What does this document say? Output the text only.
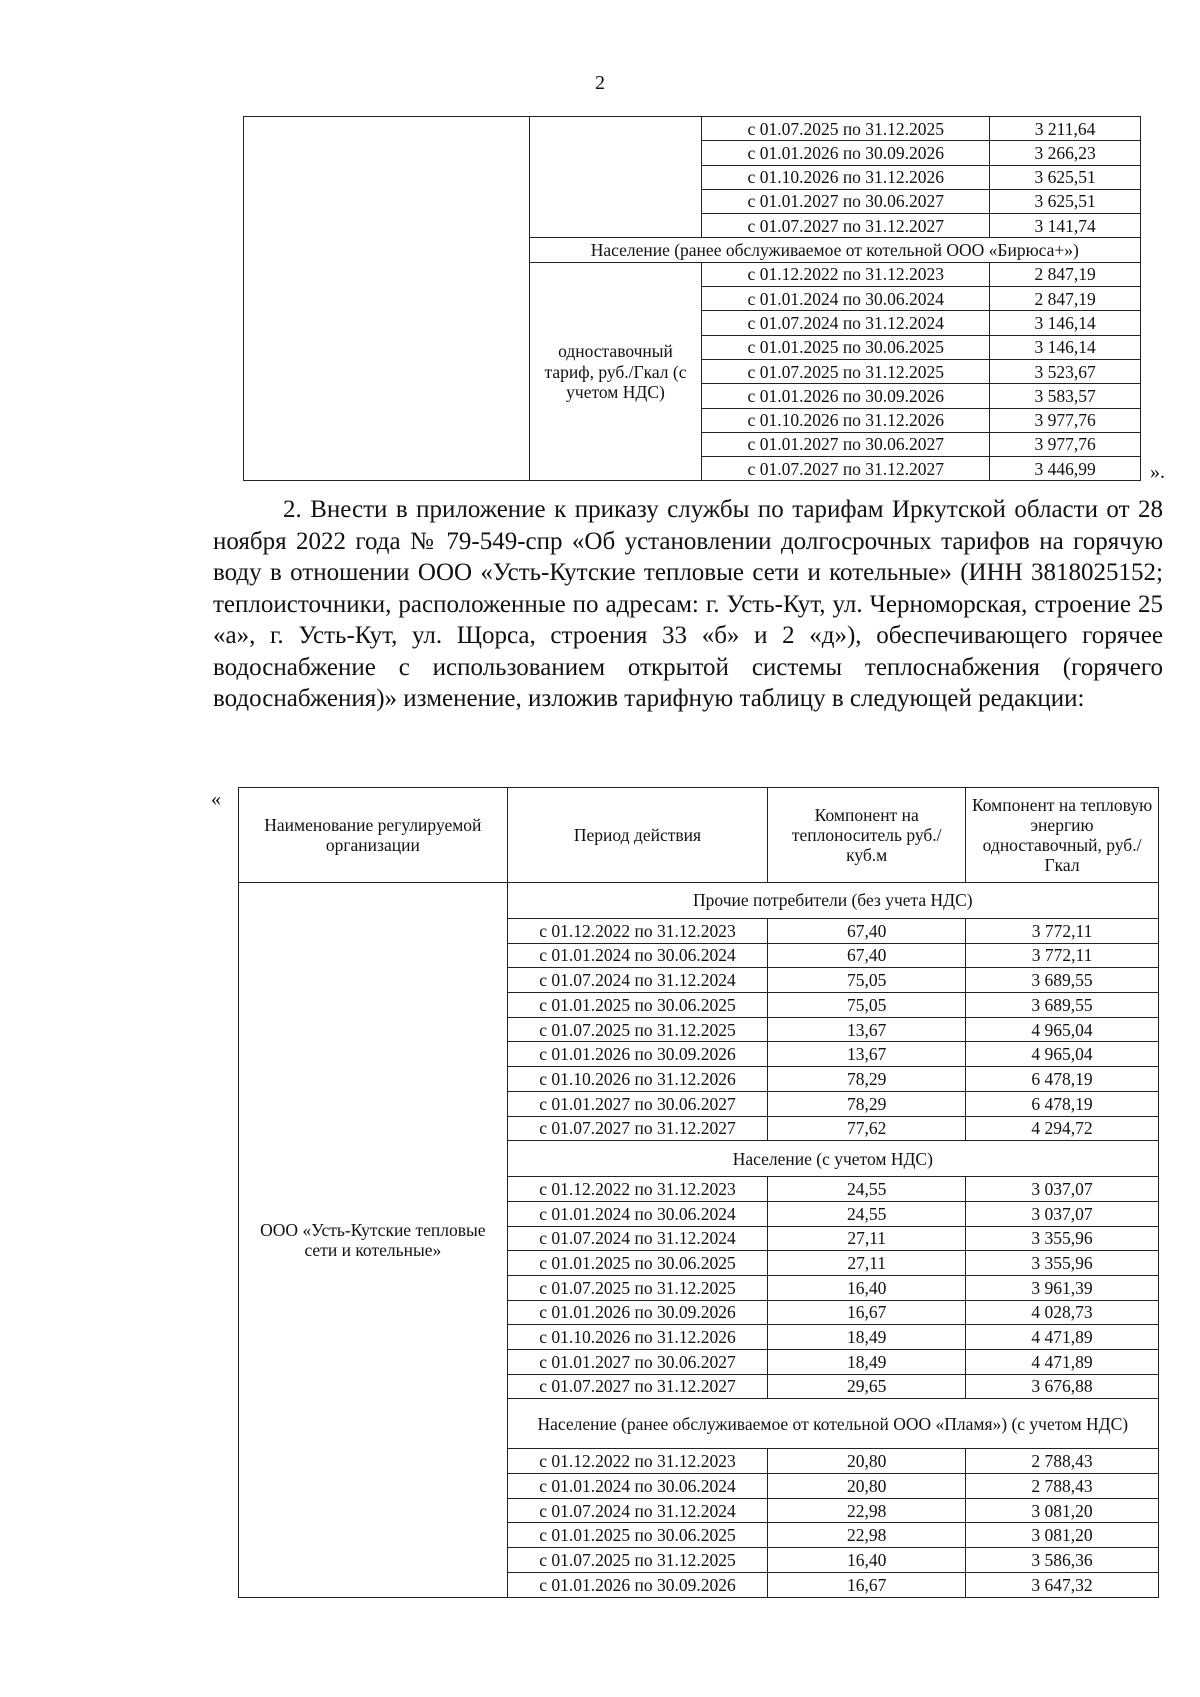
2
		с 01.07.2025 по 31.12.2025	3 211,64
		с 01.01.2026 по 30.09.2026	3 266,23
		с 01.10.2026 по 31.12.2026	3 625,51
		с 01.01.2027 по 30.06.2027	3 625,51
		с 01.07.2027 по 31.12.2027	3 141,74
	Население (ранее обслуживаемое от котельной ООО «Бирюса+»)		
	одноставочный тариф, руб./Гкал (с учетом НДС)	с 01.12.2022 по 31.12.2023	2 847,19
		с 01.01.2024 по 30.06.2024	2 847,19
		с 01.07.2024 по 31.12.2024	3 146,14
		с 01.01.2025 по 30.06.2025	3 146,14
		с 01.07.2025 по 31.12.2025	3 523,67
		с 01.01.2026 по 30.09.2026	3 583,57
		с 01.10.2026 по 31.12.2026	3 977,76
		с 01.01.2027 по 30.06.2027	3 977,76
		с 01.07.2027 по 31.12.2027	3 446,99	».

2. Внести в приложение к приказу службы по тарифам Иркутской области от 28 ноября 2022 года № 79-549-спр «Об установлении долгосрочных тарифов на горячую воду в отношении ООО «Усть-Кутские тепловые сети и котельные» (ИНН 3818025152; теплоисточники, расположенные по адресам: г. Усть-Кут, ул. Черноморская, строение 25 «а», г. Усть-Кут, ул. Щорса, строения 33 «б» и 2 «д»), обеспечивающего горячее водоснабжение с использованием открытой системы теплоснабжения (горячего водоснабжения)» изменение, изложив тарифную таблицу в следующей редакции:

«
Наименование регулируемой организации	Период действия	Компонент на теплоноситель руб./куб.м	Компонент на тепловую энергию одноставочный, руб./Гкал
ООО «Усть-Кутские тепловые сети и котельные»	Прочие потребители (без учета НДС)		
	с 01.12.2022 по 31.12.2023	67,40	3 772,11
	с 01.01.2024 по 30.06.2024	67,40	3 772,11
	с 01.07.2024 по 31.12.2024	75,05	3 689,55
	с 01.01.2025 по 30.06.2025	75,05	3 689,55
	с 01.07.2025 по 31.12.2025	13,67	4 965,04
	с 01.01.2026 по 30.09.2026	13,67	4 965,04
	с 01.10.2026 по 31.12.2026	78,29	6 478,19
	с 01.01.2027 по 30.06.2027	78,29	6 478,19
	с 01.07.2027 по 31.12.2027	77,62	4 294,72
	Население (с учетом НДС)		
	с 01.12.2022 по 31.12.2023	24,55	3 037,07
	с 01.01.2024 по 30.06.2024	24,55	3 037,07
	с 01.07.2024 по 31.12.2024	27,11	3 355,96
	с 01.01.2025 по 30.06.2025	27,11	3 355,96
	с 01.07.2025 по 31.12.2025	16,40	3 961,39
	с 01.01.2026 по 30.09.2026	16,67	4 028,73
	с 01.10.2026 по 31.12.2026	18,49	4 471,89
	с 01.01.2027 по 30.06.2027	18,49	4 471,89
	с 01.07.2027 по 31.12.2027	29,65	3 676,88
	Население (ранее обслуживаемое от котельной ООО «Пламя») (с учетом НДС)		
	с 01.12.2022 по 31.12.2023	20,80	2 788,43
	с 01.01.2024 по 30.06.2024	20,80	2 788,43
	с 01.07.2024 по 31.12.2024	22,98	3 081,20
	с 01.01.2025 по 30.06.2025	22,98	3 081,20
	с 01.07.2025 по 31.12.2025	16,40	3 586,36
	с 01.01.2026 по 30.09.2026	16,67	3 647,32
